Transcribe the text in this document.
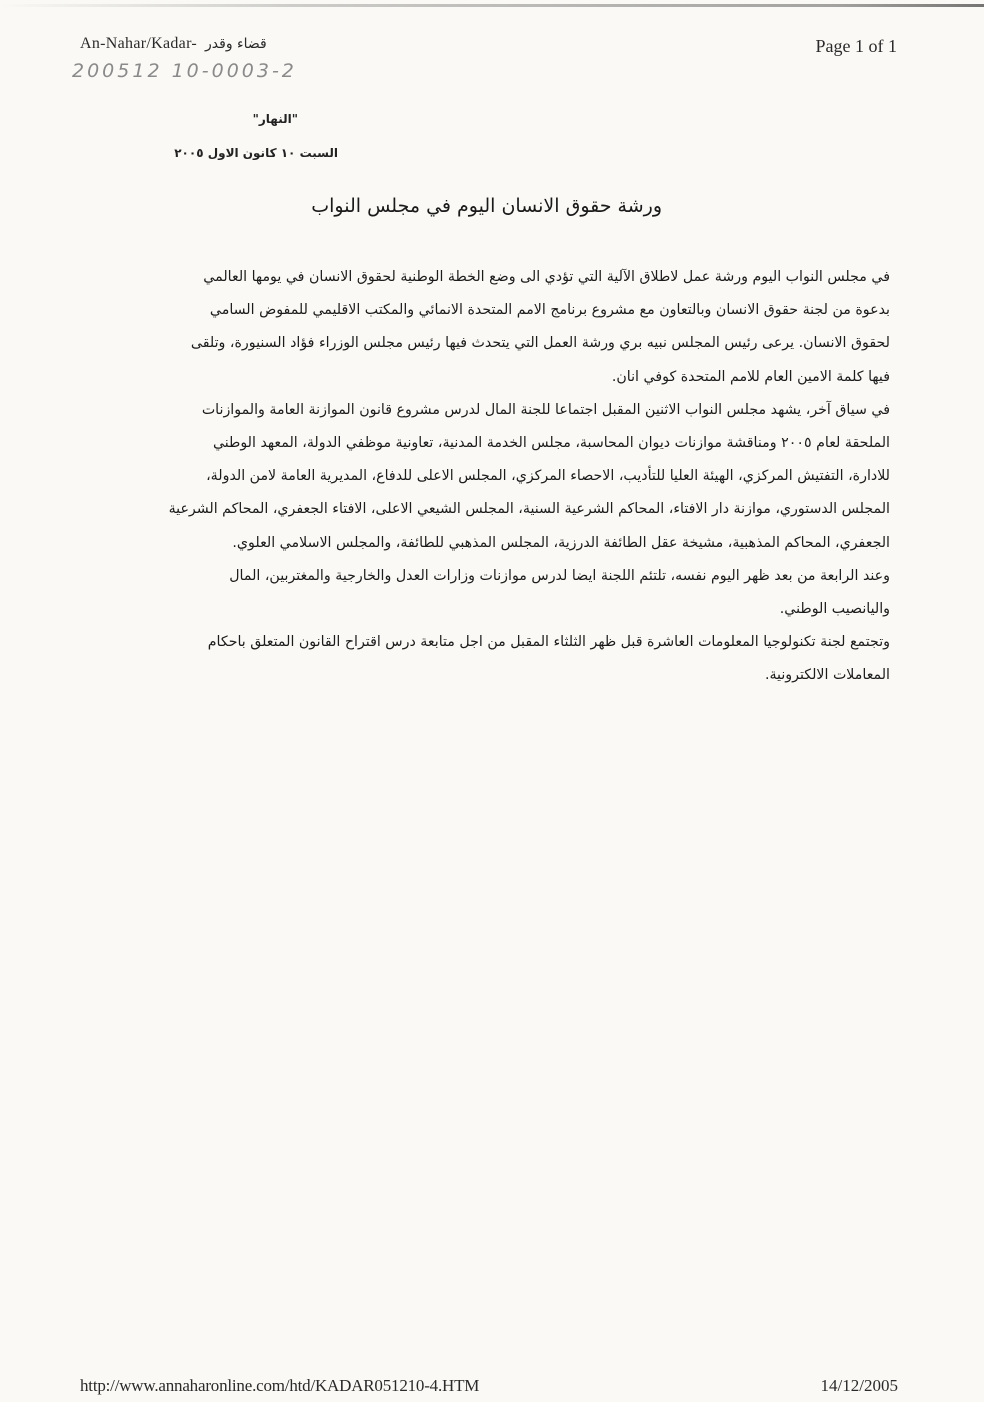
An-Nahar/Kadar- قضاء وقدر
200512 10-0003-2
Page 1 of 1
"النهار"
السبت ١٠ كانون الاول ٢٠٠٥
ورشة حقوق الانسان اليوم في مجلس النواب
في مجلس النواب اليوم ورشة عمل لاطلاق الآلية التي تؤدي الى وضع الخطة الوطنية لحقوق الانسان في يومها العالمي
بدعوة من لجنة حقوق الانسان وبالتعاون مع مشروع برنامج الامم المتحدة الانمائي والمكتب الاقليمي للمفوض السامي
لحقوق الانسان. يرعى رئيس المجلس نبيه بري ورشة العمل التي يتحدث فيها رئيس مجلس الوزراء فؤاد السنيورة، وتلقى
فيها كلمة الامين العام للامم المتحدة كوفي انان.
في سياق آخر، يشهد مجلس النواب الاثنين المقبل اجتماعا للجنة المال لدرس مشروع قانون الموازنة العامة والموازنات
الملحقة لعام ٢٠٠٥ ومناقشة موازنات ديوان المحاسبة، مجلس الخدمة المدنية، تعاونية موظفي الدولة، المعهد الوطني
للادارة، التفتيش المركزي، الهيئة العليا للتأديب، الاحصاء المركزي، المجلس الاعلى للدفاع، المديرية العامة لامن الدولة،
المجلس الدستوري، موازنة دار الافتاء، المحاكم الشرعية السنية، المجلس الشيعي الاعلى، الافتاء الجعفري، المحاكم الشرعية
الجعفري، المحاكم المذهبية، مشيخة عقل الطائفة الدرزية، المجلس المذهبي للطائفة، والمجلس الاسلامي العلوي.
وعند الرابعة من بعد ظهر اليوم نفسه، تلتئم اللجنة ايضا لدرس موازنات وزارات العدل والخارجية والمغتربين، المال
واليانصيب الوطني.
وتجتمع لجنة تكنولوجيا المعلومات العاشرة قبل ظهر الثلثاء المقبل من اجل متابعة درس اقتراح القانون المتعلق باحكام
المعاملات الالكترونية.
http://www.annaharonline.com/htd/KADAR051210-4.HTM	14/12/2005
